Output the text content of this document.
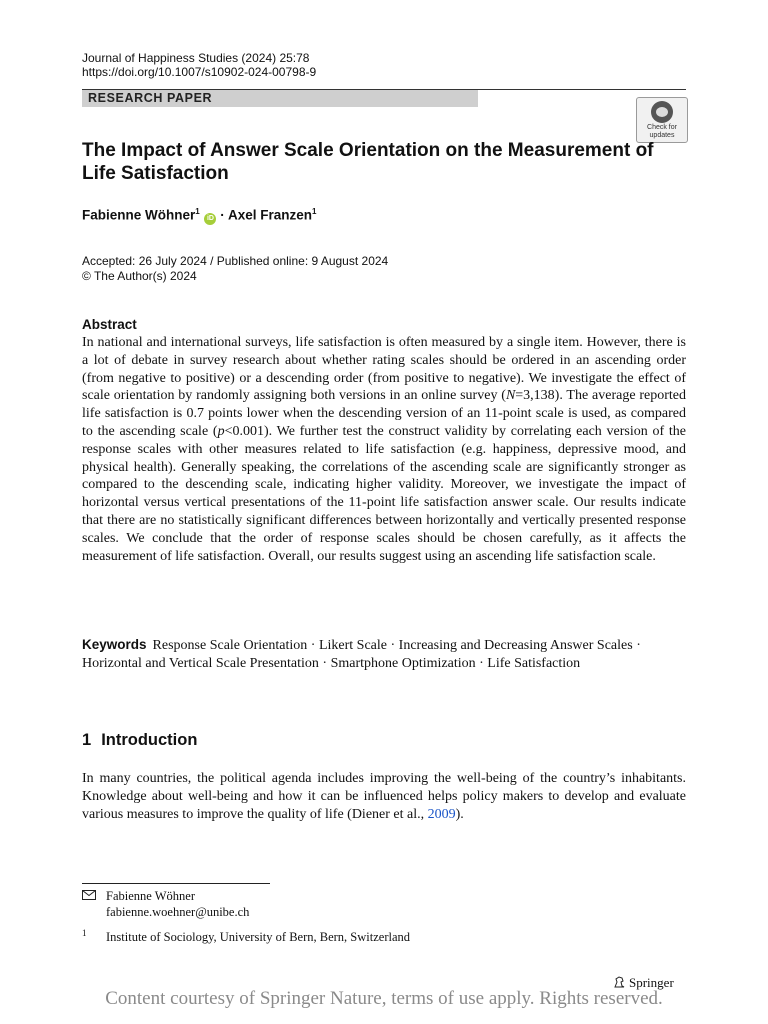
Journal of Happiness Studies (2024) 25:78
https://doi.org/10.1007/s10902-024-00798-9
RESEARCH PAPER
Check for
updates
The Impact of Answer Scale Orientation on the Measurement of Life Satisfaction
Fabienne Wöhner$^1$ iD · Axel Franzen$^1$
Accepted: 26 July 2024 / Published online: 9 August 2024
© The Author(s) 2024
Abstract

In national and international surveys, life satisfaction is often measured by a single item. However, there is a lot of debate in survey research about whether rating scales should be ordered in an ascending order (from negative to positive) or a descending order (from positive to negative). We investigate the effect of scale orientation by randomly assigning both versions in an online survey (N=3,138). The average reported life satisfaction is 0.7 points lower when the descending version of an 11-point scale is used, as compared to the ascending scale (p<0.001). We further test the construct validity by correlating each version of the response scales with other measures related to life satisfaction (e.g. happiness, depressive mood, and physical health). Generally speaking, the correlations of the ascending scale are significantly stronger as compared to the descending scale, indicating higher validity. Moreover, we investigate the impact of horizontal versus vertical presentations of the 11-point life satisfaction answer scale. Our results indicate that there are no statistically significant differences between horizontally and vertically presented response scales. We conclude that the order of response scales should be chosen carefully, as it affects the measurement of life satisfaction. Overall, our results suggest using an ascending life satisfaction scale.

Keywords Response Scale Orientation · Likert Scale · Increasing and Decreasing Answer Scales · Horizontal and Vertical Scale Presentation · Smartphone Optimization · Life Satisfaction

1 Introduction

In many countries, the political agenda includes improving the well-being of the country’s inhabitants. Knowledge about well-being and how it can be influenced helps policy makers to develop and evaluate various measures to improve the quality of life (Diener et al., 2009).

Fabienne Wöhner
fabienne.woehner@unibe.ch
1 Institute of Sociology, University of Bern, Bern, Switzerland
Springer
Content courtesy of Springer Nature, terms of use apply. Rights reserved.
